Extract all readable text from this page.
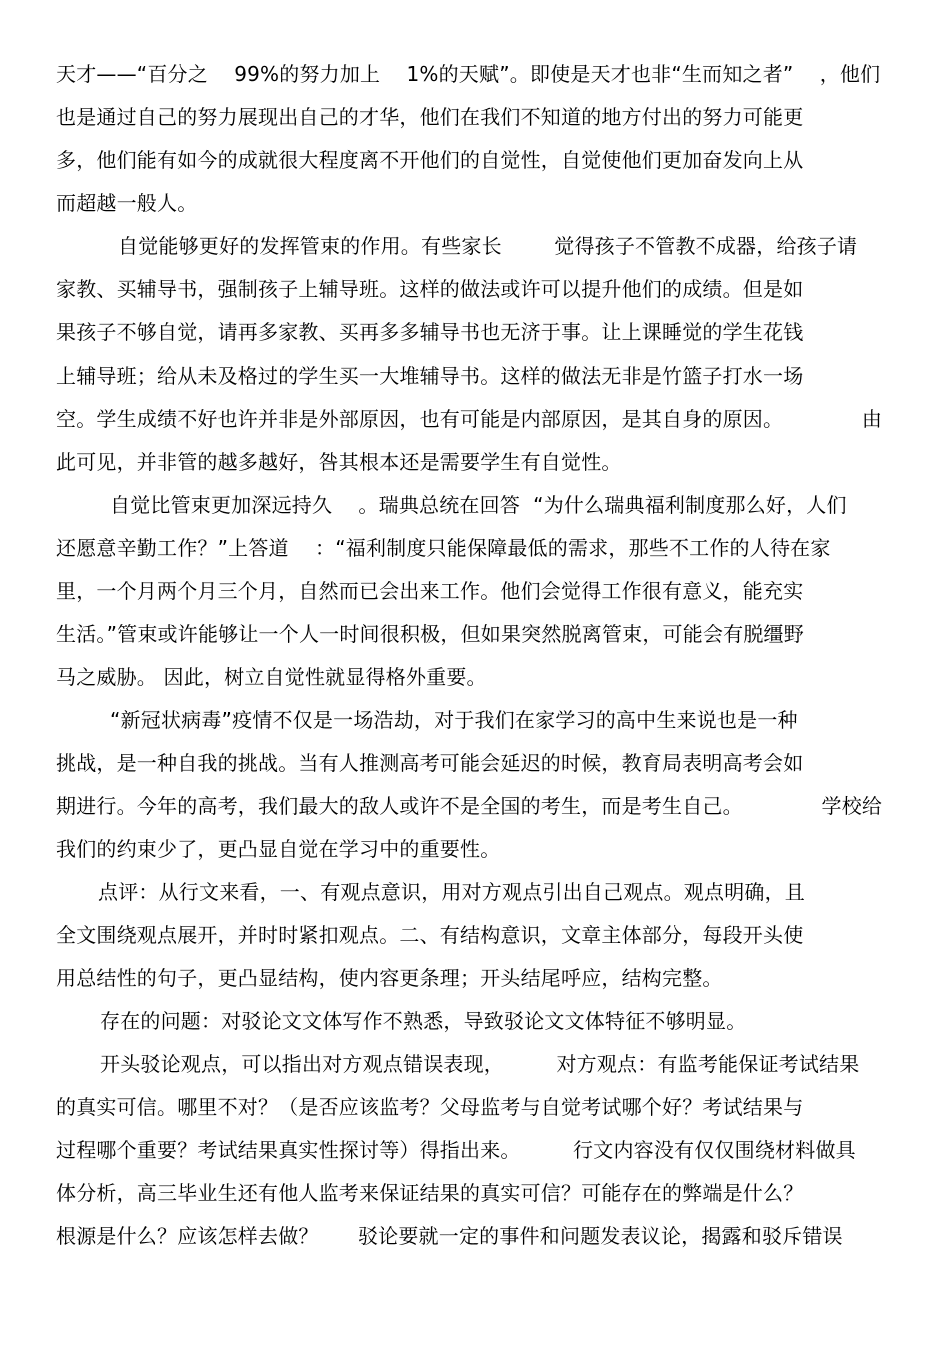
天才——“百分之    99%的努力加上    1%的天赋”。即使是天才也非“生而知之者”    ，他们
也是通过自己的努力展现出自己的才华，他们在我们不知道的地方付出的努力可能更
多，他们能有如今的成就很大程度离不开他们的自觉性，自觉使他们更加奋发向上从
而超越一般人。
自觉能够更好的发挥管束的作用。有些家长        觉得孩子不管教不成器，给孩子请
家教、买辅导书，强制孩子上辅导班。这样的做法或许可以提升他们的成绩。但是如
果孩子不够自觉，请再多家教、买再多多辅导书也无济于事。让上课睡觉的学生花钱
上辅导班；给从未及格过的学生买一大堆辅导书。这样的做法无非是竹篮子打水一场
空。学生成绩不好也许并非是外部原因，也有可能是内部原因，是其自身的原因。            由
此可见，并非管的越多越好，咎其根本还是需要学生有自觉性。
自觉比管束更加深远持久    。瑞典总统在回答  “为什么瑞典福利制度那么好，人们
还愿意辛勤工作？”上答道    ：“福利制度只能保障最低的需求，那些不工作的人待在家
里，一个月两个月三个月，自然而已会出来工作。他们会觉得工作很有意义，能充实
生活。”管束或许能够让一个人一时间很积极，但如果突然脱离管束，可能会有脱缰野
马之威胁。 因此，树立自觉性就显得格外重要。
“新冠状病毒”疫情不仅是一场浩劫，对于我们在家学习的高中生来说也是一种
挑战，是一种自我的挑战。当有人推测高考可能会延迟的时候，教育局表明高考会如
期进行。今年的高考，我们最大的敌人或许不是全国的考生，而是考生自己。            学校给
我们的约束少了，更凸显自觉在学习中的重要性。
点评：从行文来看，一、有观点意识，用对方观点引出自己观点。观点明确，且
全文围绕观点展开，并时时紧扣观点。二、有结构意识，文章主体部分，每段开头使
用总结性的句子，更凸显结构，使内容更条理；开头结尾呼应，结构完整。
存在的问题：对驳论文文体写作不熟悉，导致驳论文文体特征不够明显。
开头驳论观点，可以指出对方观点错误表现，        对方观点：有监考能保证考试结果
的真实可信。哪里不对？（是否应该监考？父母监考与自觉考试哪个好？考试结果与
过程哪个重要？考试结果真实性探讨等）得指出来。        行文内容没有仅仅围绕材料做具
体分析，高三毕业生还有他人监考来保证结果的真实可信？可能存在的弊端是什么？
根源是什么？应该怎样去做？      驳论要就一定的事件和问题发表议论，揭露和驳斥错误
